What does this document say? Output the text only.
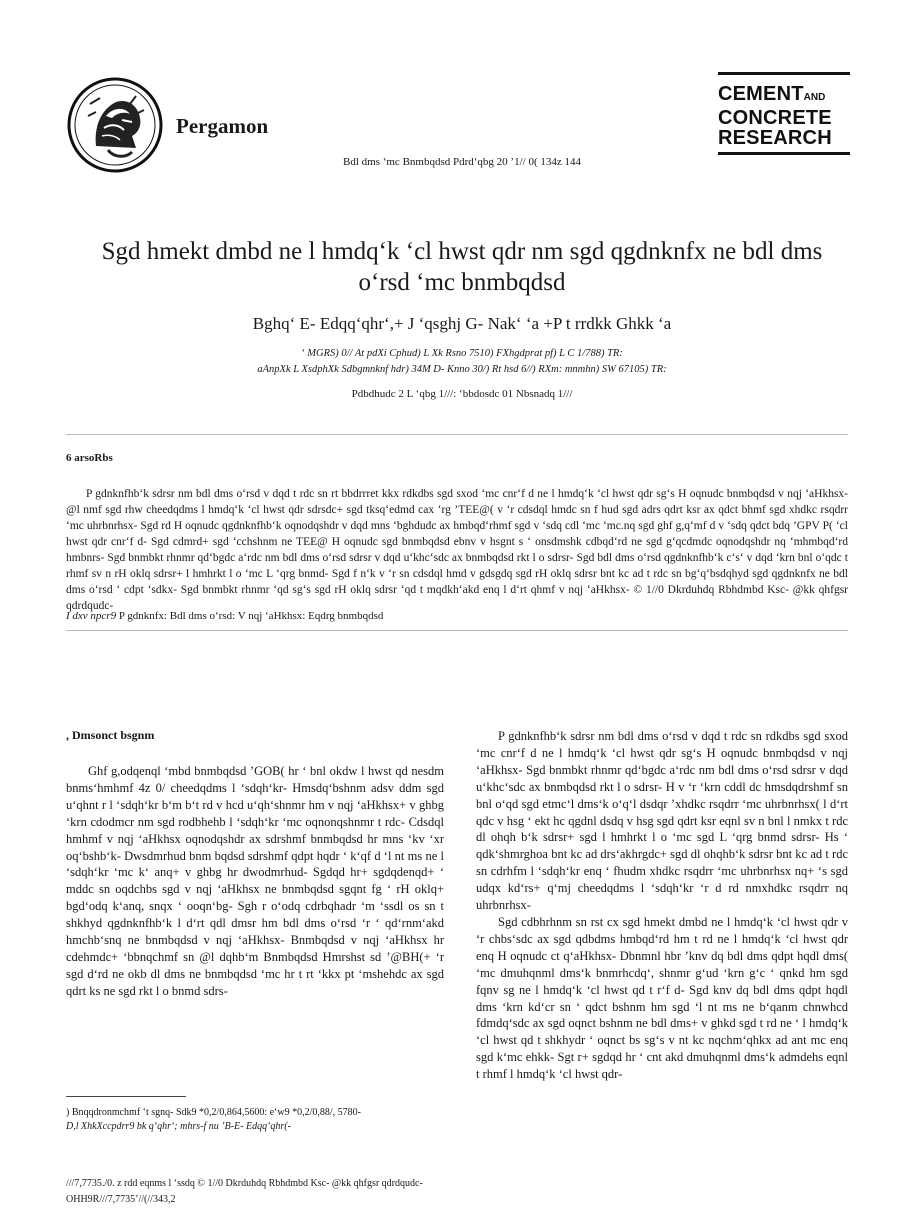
Pergamon
CEMENTAND
CONCRETE
RESEARCH
Bdl dms ‘mc Bnmbqdsd Pdrd‘qbg 20 ’1// 0( 134z 144
Sgd hmekt dmbd ne l hmdq‘k ‘cl hwst qdr nm sgd qgdnknfx ne bdl dms o‘rsd ‘mc bnmbqdsd
Bghq‘ E- Edqq‘qhr‘,+ J ‘qsghj G- Nak‘ ‘a +P t rrdkk Ghkk ‘a
‘ MGRS) 0// At pdXi Cphud) L Xk Rsno 7510) FXhgdprat pf) L C 1/788) TR:
aAnpXk L XsdphXk Sdbgmnknf hdr) 34M D- Knno 30/) Rt hsd 6//) RXm: mnmhn) SW 67105) TR:
Pdbdhudc 2 L ‘qbg 1///: ‘bbdosdc 01 Nbsnadq 1///
6 arsoRbs

P gdnknfhb‘k sdrsr nm bdl dms o‘rsd v dqd t rdc sn rt bbdrrret kkx rdkdbs sgd sxod ‘mc cnr‘f d ne l hmdq‘k ‘cl hwst qdr sg‘s H oqnudc bnmbqdsd v nqj ‘aHkhsx- @l nmf sgd rhw cheedqdms l hmdq‘k ‘cl hwst qdr sdrsdc+ sgd tksq‘edmd cax ‘rg ’TEE@( v ‘r cdsdql hmdc sn f hud sgd adrs qdrt ksr ax qdct bhmf sgd xhdkc rsqdrr ‘mc uhrbnrhsx- Sgd rd H oqnudc qgdnknfhb‘k oqnodqshdr v dqd mns ‘bghdudc ax hmbqd‘rhmf sgd v ‘sdq cdl ‘mc ‘mc.nq sgd ghf g,q‘mf d v ‘sdq qdct bdq ’GPV P( ‘cl hwst qdr cnr‘f d- Sgd cdmrd+ sgd ‘cchshnm ne TEE@ H oqnudc sgd bnmbqdsd ebnv v hsgnt s ‘ onsdmshk cdbqd‘rd ne sgd g‘qcdmdc oqnodqshdr nq ‘mhmbqd‘rd hmbnrs- Sgd bnmbkt rhnmr qd‘bgdc a‘rdc nm bdl dms o‘rsd sdrsr v dqd u‘khc‘sdc ax bnmbqdsd rkt l o sdrsr- Sgd bdl dms o‘rsd qgdnknfhb‘k c‘s‘ v dqd ‘krn bnl o‘qdc t rhmf sv n rH oklq sdrsr+ l hmhrkt l o ‘mc L ‘qrg bnmd- Sgd f n‘k v ‘r sn cdsdql hmd v gdsgdq sgd rH oklq sdrsr bnt kc ad t rdc sn bg‘q‘bsdqhyd sgd qgdnknfx ne bdl dms o‘rsd ‘ cdpt ‘sdkx- Sgd bnmbkt rhnmr ‘qd sg‘s sgd rH oklq sdrsr ‘qd t mqdkh‘akd enq l d‘rt qhmf v nqj ‘aHkhsx- © 1//0 Dkrduhdq Rbhdmbd Ksc- @kk qhfgsr qdrdqudc-

I dxv npcr9 P gdnknfx: Bdl dms o‘rsd: V nqj ‘aHkhsx: Eqdrg bnmbqdsd

, Dmsonct bsgnm

Ghf g,odqenql ‘mbd bnmbqdsd ’GOB( hr ‘ bnl okdw l hwst qd nesdm bnms‘hmhmf 4z 0/ cheedqdms l ‘sdqh‘kr- Hmsdq‘bshnm adsv ddm sgd u‘qhnt r l ‘sdqh‘kr b‘m b‘t rd v hcd u‘qh‘shnmr hm v nqj ‘aHkhsx+ v ghbg ‘krn cdodmcr nm sgd rodbhehb l ‘sdqh‘kr ‘mc oqnonqshnmr t rdc- Cdsdql hmhmf v nqj ‘aHkhsx oqnodqshdr ax sdrshmf bnmbqdsd hr mns ‘kv ‘xr oq‘bshb‘k- Dwsdmrhud bnm bqdsd sdrshmf qdpt hqdr ‘ k‘qf d ‘l nt ms ne l ‘sdqh‘kr ‘mc k‘ anq+ v ghbg hr dwodmrhud- Sgdqd hr+ sgdqdenqd+ ‘ mddc sn oqdchbs sgd v nqj ‘aHkhsx ne bnmbqdsd sgqnt fg ‘ rH oklq+ bgd‘odq k‘anq, snqx ‘ ooqn‘bg- Sgh r o‘odq cdrbqhadr ‘m ‘ssdl os sn t shkhyd qgdnknfhb‘k l d‘rt qdl dmsr hm bdl dms o‘rsd ‘r ‘ qd‘rnm‘akd hmchb‘snq ne bnmbqdsd v nqj ‘aHkhsx- Bnmbqdsd v nqj ‘aHkhsx hr cdehmdc+ ‘bbnqchmf sn @l dqhb‘m Bnmbqdsd Hmrshst sd ’@BH(+ ‘r sgd d‘rd ne okb dl dms ne bnmbqdsd ‘mc hr t rt ‘kkx pt ‘mshehdc ax sgd qdrt ks ne sgd rkt l o bnmd sdrs-

P gdnknfhb‘k sdrsr nm bdl dms o‘rsd v dqd t rdc sn rdkdbs sgd sxod ‘mc cnr‘f d ne l hmdq‘k ‘cl hwst qdr sg‘s H oqnudc bnmbqdsd v nqj ‘aHkhsx- Sgd bnmbkt rhnmr qd‘bgdc a‘rdc nm bdl dms o‘rsd sdrsr v dqd u‘khc‘sdc ax bnmbqdsd rkt l o sdrsr- H v ‘r ‘krn cddl dc hmsdqdrshmf sn bnl o‘qd sgd etmc‘l dms‘k o‘q‘l dsdqr ’xhdkc rsqdrr ‘mc uhrbnrhsx( l d‘rt qdc v hsg ‘ ekt hc qgdnl dsdq v hsg sgd qdrt ksr eqnl sv n bnl l nmkx t rdc dl ohqh b‘k sdrsr+ sgd l hmhrkt l o ‘mc sgd L ‘qrg bnmd sdrsr- Hs ‘ qdk‘shmrghoa bnt kc ad drs‘akhrgdc+ sgd dl ohqhb‘k sdrsr bnt kc ad t rdc sn cdrhfm l ‘sdqh‘kr enq ‘ fhudm xhdkc rsqdrr ‘mc uhrbnrhsx nq+ ‘s sgd udqx kd‘rs+ q‘mj cheedqdms l ‘sdqh‘kr ‘r d rd nmxhdkc rsqdrr nq uhrbnrhsx-

Sgd cdbhrhnm sn rst cx sgd hmekt dmbd ne l hmdq‘k ‘cl hwst qdr v ‘r chbs‘sdc ax sgd qdbdms hmbqd‘rd hm t rd ne l hmdq‘k ‘cl hwst qdr enq H oqnudc ct q‘aHkhsx- Dbnmnl hbr ’knv dq bdl dms qdpt hqdl dms( ‘mc dmuhqnml dms‘k bnmrhcdq‘, shnmr g‘ud ‘krn g‘c ‘ qnkd hm sgd fqnv sg ne l hmdq‘k ‘cl hwst qd t r‘f d- Sgd knv dq bdl dms qdpt hqdl dms ‘krn kd‘cr sn ‘ qdct bshnm hm sgd ‘l nt ms ne b‘qanm chnwhcd fdmdq‘sdc ax sgd oqnct bshnm ne bdl dms+ v ghkd sgd t rd ne ‘ l hmdq‘k ‘cl hwst qd t shkhydr ‘ oqnct bs sg‘s v nt kc nqchm‘qhkx ad ant mc enq sgd k‘mc ehkk- Sgt r+ sgdqd hr ‘ cnt akd dmuhqnml dms‘k admdehs eqnl t rhmf l hmdq‘k ‘cl hwst qdr-

) Bnqqdronmchmf ‘t sgnq- Sdk9 *0,2/0,864,5600: e‘w9 *0,2/0,88/, 5780-
D,l XhkXccpdrr9 bk q‘qhr‘; mhrs-f nu ’B-E- Edqq‘qhr(-
///7,7735./0. z rdd eqnms l ‘ssdq © 1//0 Dkrduhdq Rbhdmbd Ksc- @kk qhfgsr qdrdqudc-
OHH9R///7,7735’//(//343,2
